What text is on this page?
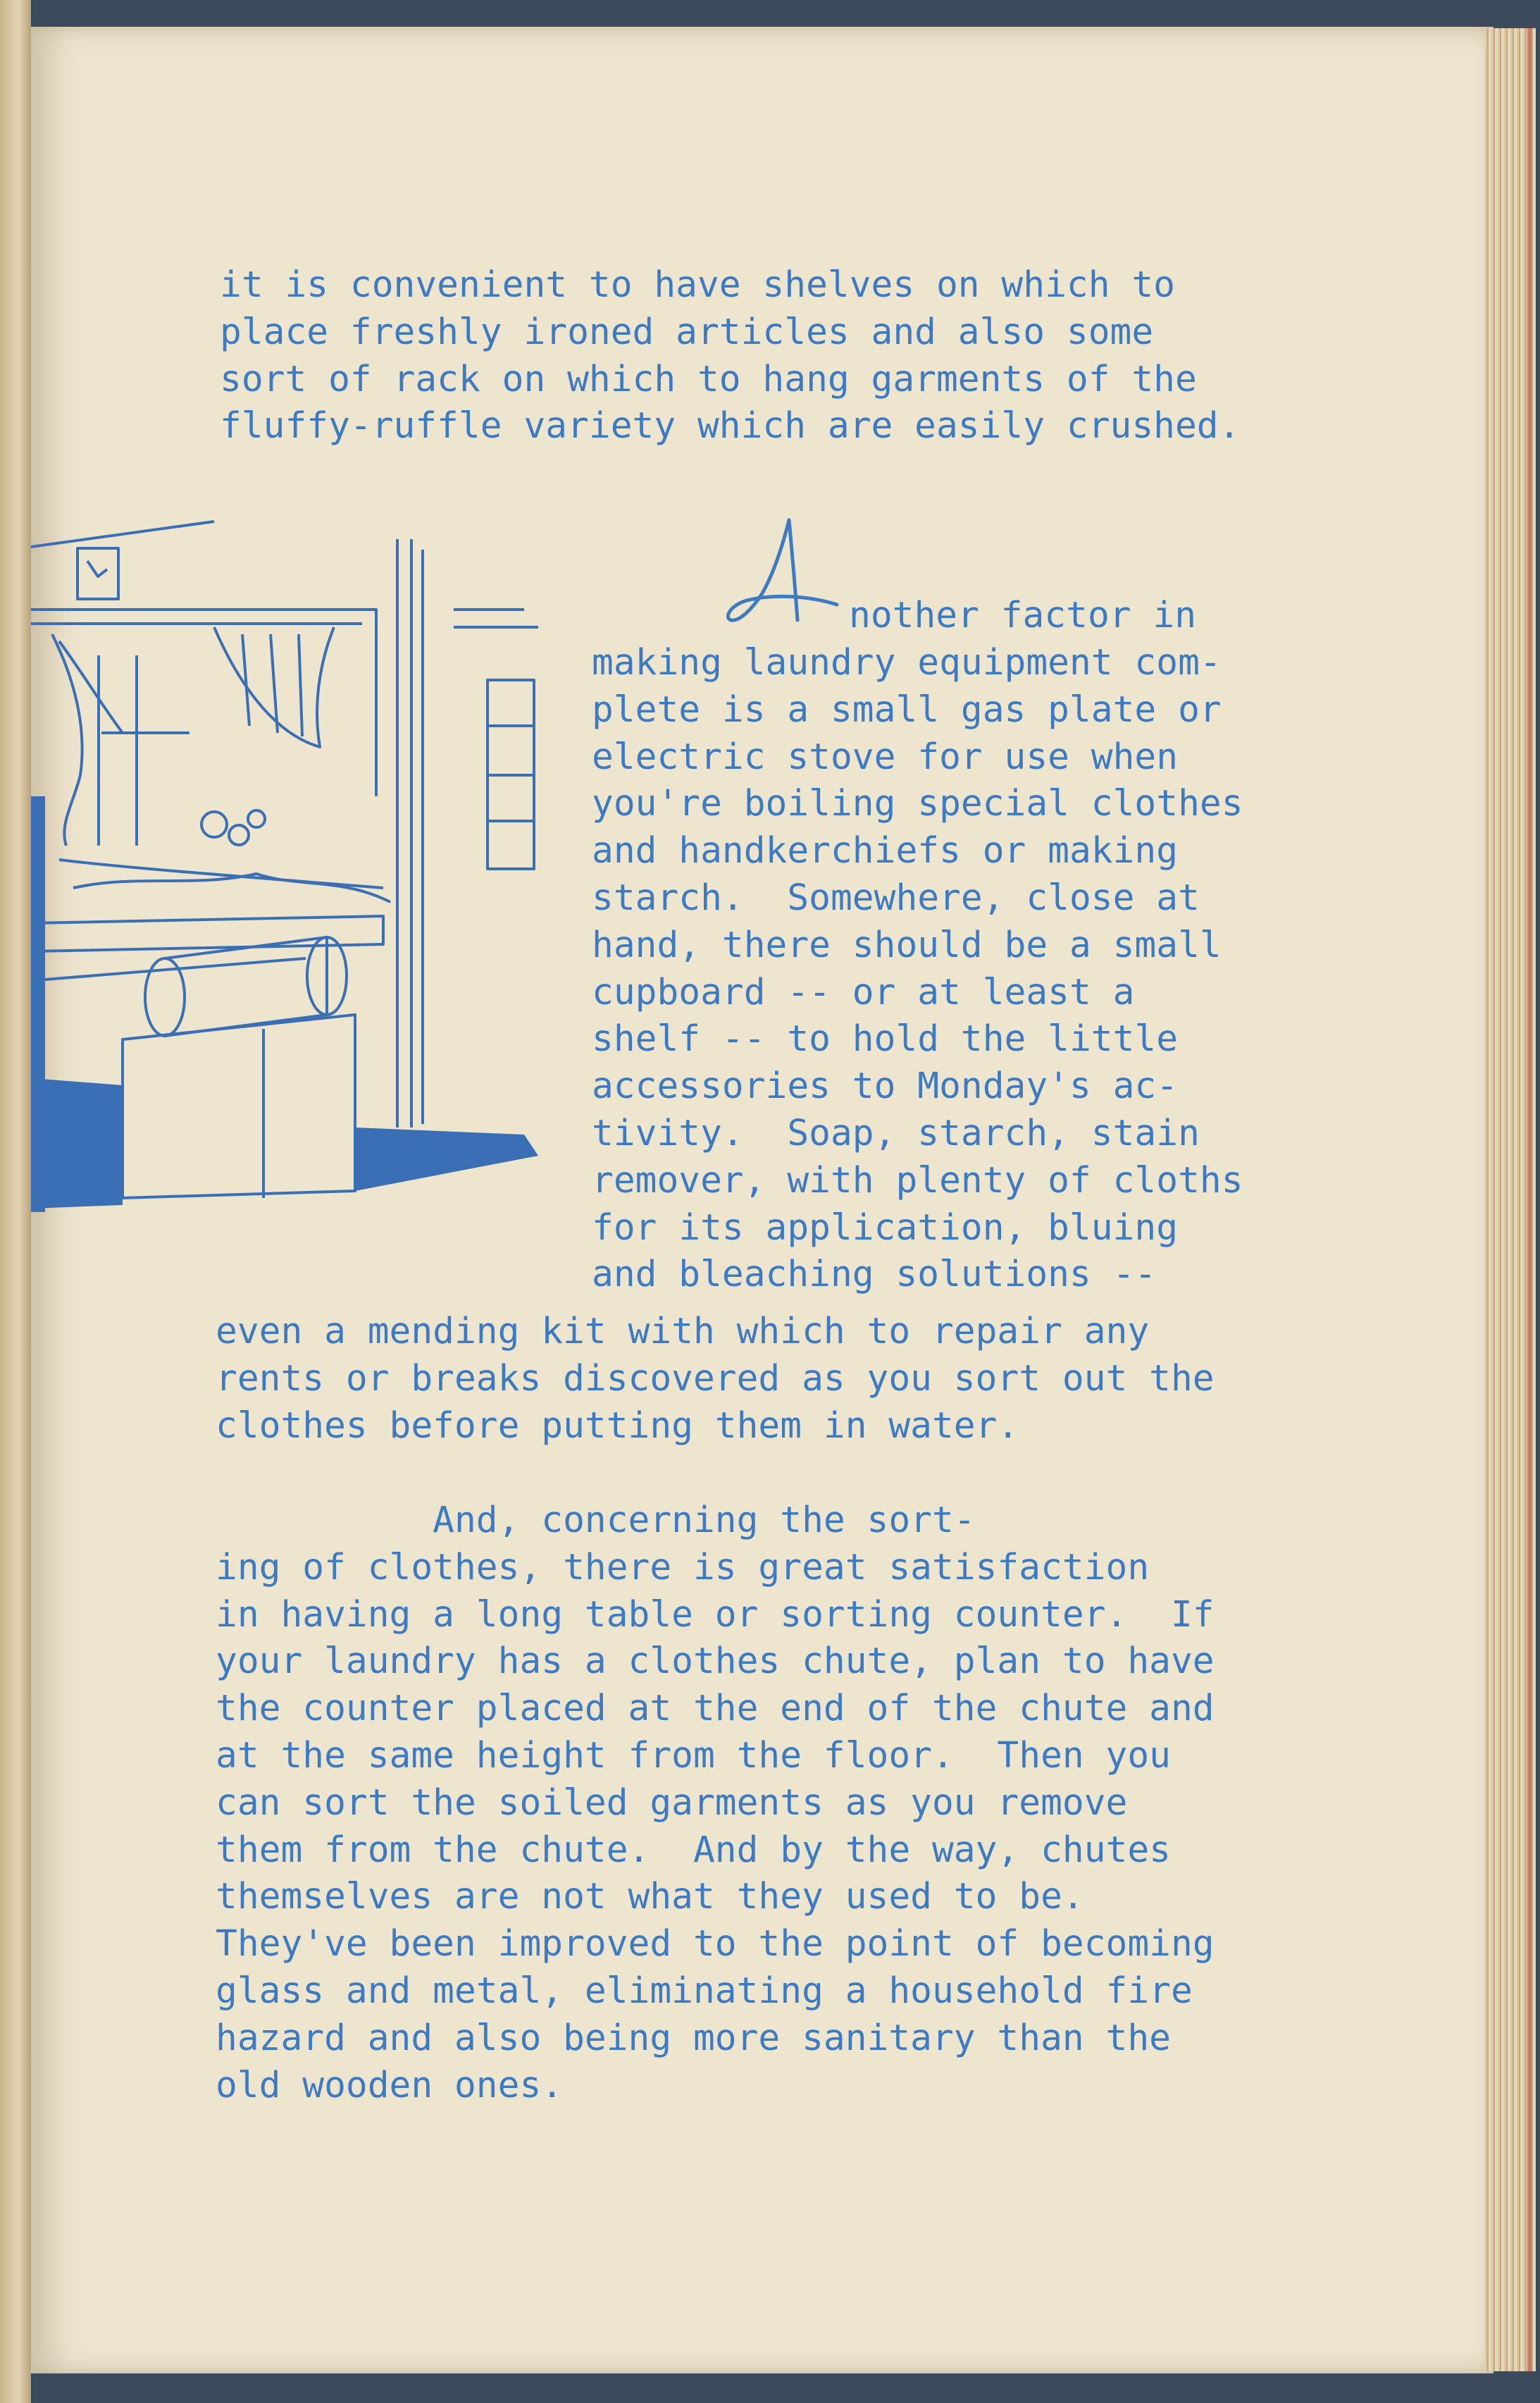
it is convenient to have shelves on which to
place freshly ironed articles and also some
sort of rack on which to hang garments of the
fluffy-ruffle variety which are easily crushed.
nother factor in
making laundry equipment com-
plete is a small gas plate or
electric stove for use when
you're boiling special clothes
and handkerchiefs or making
starch.  Somewhere, close at
hand, there should be a small
cupboard -- or at least a
shelf -- to hold the little
accessories to Monday's ac-
tivity.  Soap, starch, stain
remover, with plenty of cloths
for its application, bluing
and bleaching solutions --
even a mending kit with which to repair any
rents or breaks discovered as you sort out the
clothes before putting them in water.
And, concerning the sort-
ing of clothes, there is great satisfaction
in having a long table or sorting counter.  If
your laundry has a clothes chute, plan to have
the counter placed at the end of the chute and
at the same height from the floor.  Then you
can sort the soiled garments as you remove
them from the chute.  And by the way, chutes
themselves are not what they used to be.
They've been improved to the point of becoming
glass and metal, eliminating a household fire
hazard and also being more sanitary than the
old wooden ones.
